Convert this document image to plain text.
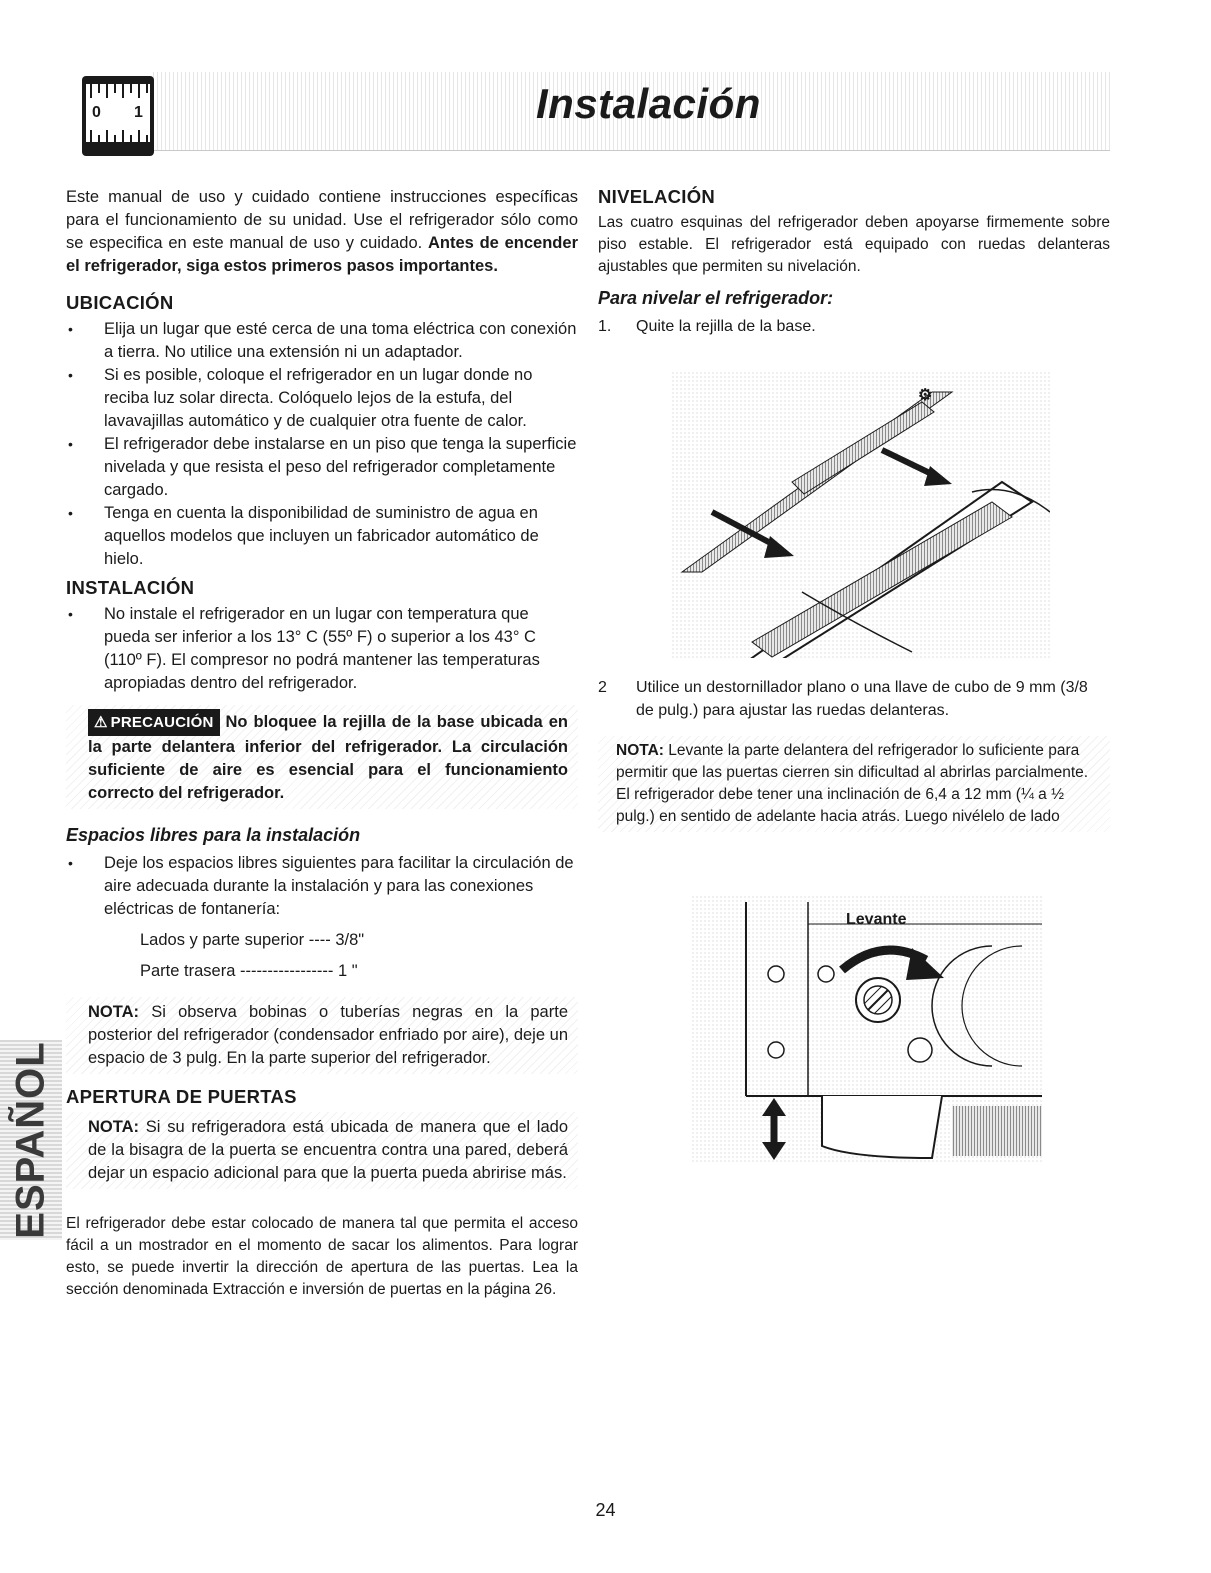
0 1	Instalación
ESPAÑOL

Este manual de uso y cuidado contiene instrucciones específicas para el funcionamiento de su unidad. Use el refrigerador sólo como se especifica en este manual de uso y cuidado. Antes de encender el refrigerador, siga estos primeros pasos importantes.

UBICACIÓN
• Elija un lugar que esté cerca de una toma eléctrica con conexión a tierra. No utilice una extensión ni un adaptador.
• Si es posible, coloque el refrigerador en un lugar donde no reciba luz solar directa. Colóquelo lejos de la estufa, del lavavajillas automático y de cualquier otra fuente de calor.
• El refrigerador debe instalarse en un piso que tenga la superficie nivelada y que resista el peso del refrigerador completamente cargado.
• Tenga en cuenta la disponibilidad de suministro de agua en aquellos modelos que incluyen un fabricador automático de hielo.
INSTALACIÓN
• No instale el refrigerador en un lugar con temperatura que pueda ser inferior a los 13° C (55º F) o superior a los 43° C (110º F). El compresor no podrá mantener las temperaturas apropiadas dentro del refrigerador.

⚠ PRECAUCIÓN No bloquee la rejilla de la base ubicada en la parte delantera inferior del refrigerador. La circulación suficiente de aire es esencial para el funcionamiento correcto del refrigerador.

Espacios libres para la instalación
• Deje los espacios libres siguientes para facilitar la circulación de aire adecuada durante la instalación y para las conexiones eléctricas de fontanería:

Lados y parte superior ---- 3/8"

Parte trasera ----------------- 1 "

NOTA: Si observa bobinas o tuberías negras en la parte posterior del refrigerador (condensador enfriado por aire), deje un espacio de 3 pulg. En la parte superior del refrigerador.

APERTURA DE PUERTAS

NOTA: Si su refrigeradora está ubicada de manera que el lado de la bisagra de la puerta se encuentra contra una pared, deberá dejar un espacio adicional para que la puerta pueda abririse más.

El refrigerador debe estar colocado de manera tal que permita el acceso fácil a un mostrador en el momento de sacar los alimentos. Para lograr esto, se puede invertir la dirección de apertura de las puertas. Lea la sección denominada Extracción e inversión de puertas en la página 26.

NIVELACIÓN

Las cuatro esquinas del refrigerador deben apoyarse firmemente sobre piso estable. El refrigerador está equipado con ruedas delanteras ajustables que permiten su nivelación.

Para nivelar el refrigerador:
1. Quite la rejilla de la base.
2 Utilice un destornillador plano o una llave de cubo de 9 mm (3/8 de pulg.) para ajustar las ruedas delanteras.

NOTA: Levante la parte delantera del refrigerador lo suficiente para permitir que las puertas cierren sin dificultad al abrirlas parcialmente. El refrigerador debe tener una inclinación de 6,4 a 12 mm (¼ a ½ pulg.) en sentido de adelante hacia atrás. Luego nivélelo de lado

⚙
Levante
24
